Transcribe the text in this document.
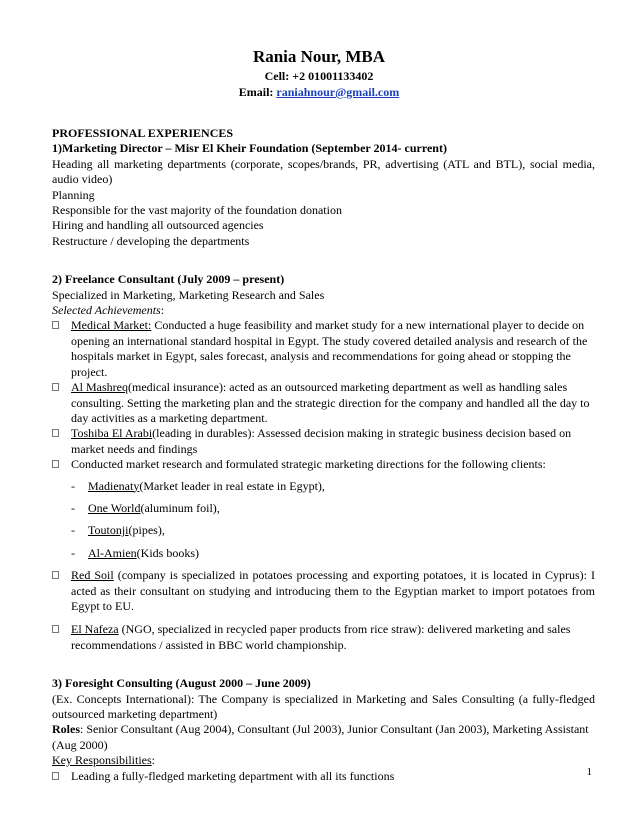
Rania Nour, MBA
Cell: +2 01001133402
Email: raniahnour@gmail.com

PROFESSIONAL EXPERIENCES

1)Marketing Director – Misr El Kheir Foundation (September 2014- current)

Heading all marketing departments (corporate, scopes/brands, PR, advertising (ATL and BTL), social media, audio video)

Planning

Responsible for the vast majority of the foundation donation

Hiring and handling all outsourced agencies

Restructure / developing the departments

2) Freelance Consultant (July 2009 – present)

Specialized in Marketing, Marketing Research and Sales

Selected Achievements:

Medical Market: Conducted a huge feasibility and market study for a new international player to decide on opening an international standard hospital in Egypt. The study covered detailed analysis and research of the hospitals market in Egypt, sales forecast, analysis and recommendations for going ahead or stopping the project.
Al Mashreq(medical insurance): acted as an outsourced marketing department as well as handling sales consulting. Setting the marketing plan and the strategic direction for the company and handled all the day to day activities as a marketing department.
Toshiba El Arabi(leading in durables): Assessed decision making in strategic business decision based on market needs and findings
Conducted market research and formulated strategic marketing directions for the following clients:
- Madienaty(Market leader in real estate in Egypt),
- One World(aluminum foil),
- Toutonji(pipes),
- Al-Amien(Kids books)
Red Soil (company is specialized in potatoes processing and exporting potatoes, it is located in Cyprus): I acted as their consultant on studying and introducing them to the Egyptian market to import potatoes from Egypt to EU.
El Nafeza (NGO, specialized in recycled paper products from rice straw): delivered marketing and sales recommendations / assisted in BBC world championship.

3) Foresight Consulting (August 2000 – June 2009)

(Ex. Concepts International): The Company is specialized in Marketing and Sales Consulting (a fully-fledged outsourced marketing department)

Roles: Senior Consultant (Aug 2004), Consultant (Jul 2003), Junior Consultant (Jan 2003), Marketing Assistant (Aug 2000)

Key Responsibilities:

Leading a fully-fledged marketing department with all its functions	1
